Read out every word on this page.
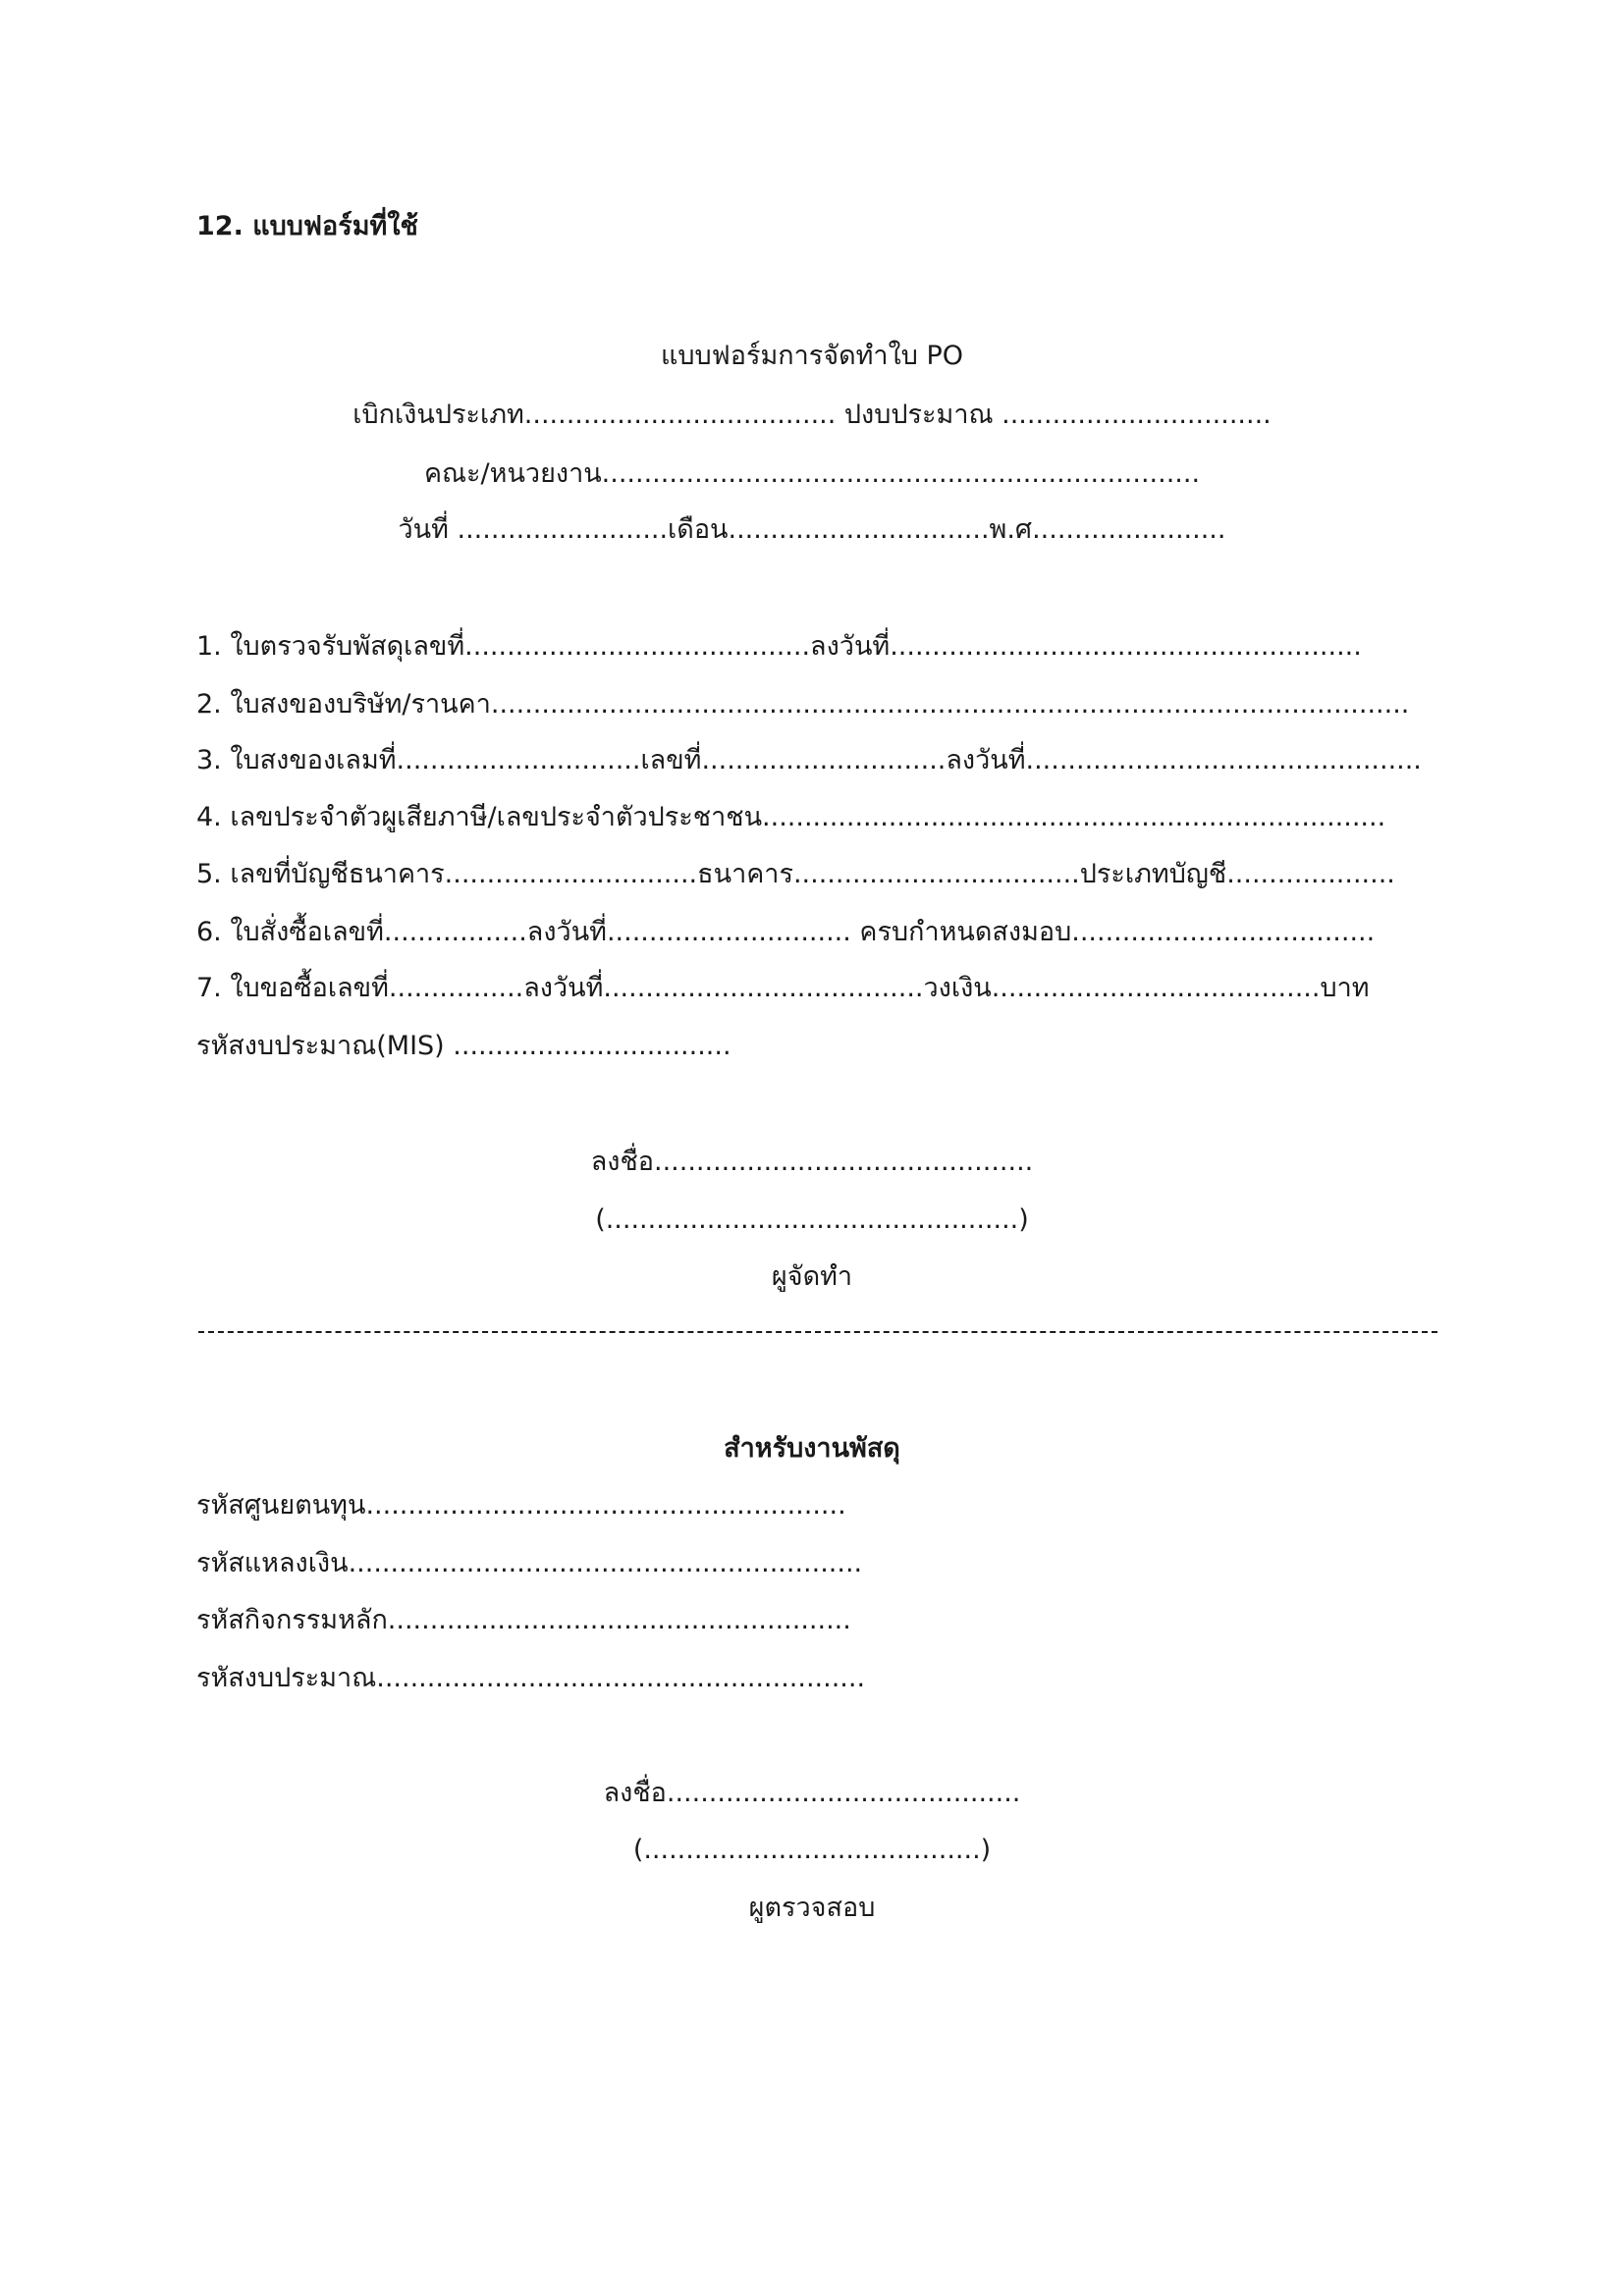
12. แบบฟอร์มที่ใช้
แบบฟอร์มการจัดทำใบ PO
เบิกเงินประเภท..................................... ปงบประมาณ ................................
คณะ/หนวยงาน.......................................................................
วันที่ .........................เดือน...............................พ.ศ.......................
1. ใบตรวจรับพัสดุเลขที่.........................................ลงวันที่........................................................
2. ใบสงของบริษัท/รานคา.............................................................................................................
3. ใบสงของเลมที่.............................เลขที่.............................ลงวันที่...............................................
4. เลขประจำตัวผูเสียภาษี/เลขประจำตัวประชาชน..........................................................................
5. เลขที่บัญชีธนาคาร..............................ธนาคาร..................................ประเภทบัญชี....................
6. ใบสั่งซื้อเลขที่.................ลงวันที่............................. ครบกำหนดสงมอบ....................................
7. ใบขอซื้อเลขที่................ลงวันที่......................................วงเงิน.......................................บาท
รหัสงบประมาณ(MIS) .................................
ลงชื่อ.............................................
(.................................................)
ผูจัดทำ
สำหรับงานพัสดุ
รหัสศูนยตนทุน.........................................................
รหัสแหลงเงิน.............................................................
รหัสกิจกรรมหลัก.......................................................
รหัสงบประมาณ..........................................................
ลงชื่อ..........................................
(........................................)
ผูตรวจสอบ
